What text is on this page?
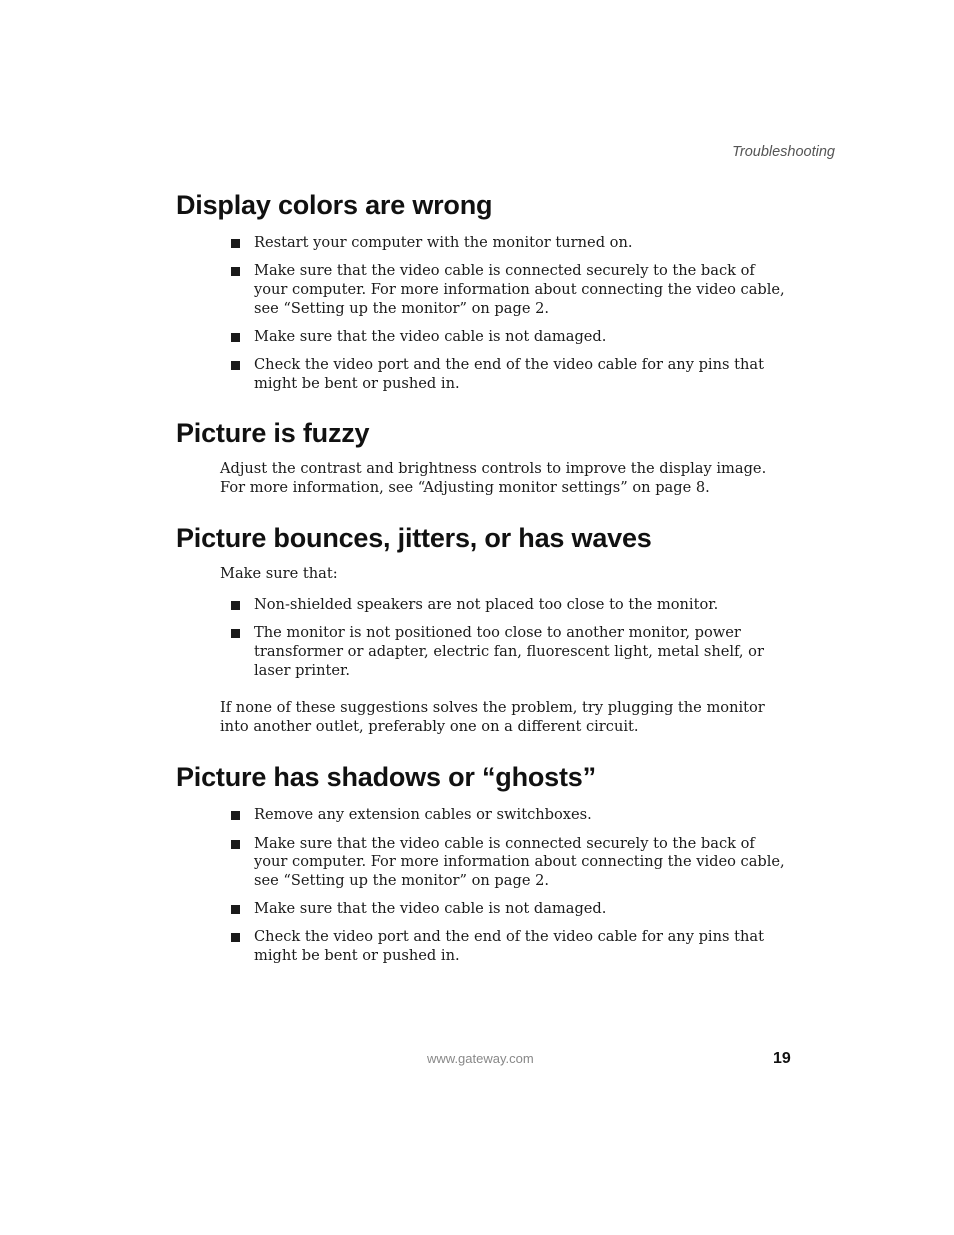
Troubleshooting
Display colors are wrong
Restart your computer with the monitor turned on.
Make sure that the video cable is connected securely to the back of your computer. For more information about connecting the video cable, see “Setting up the monitor” on page 2.
Make sure that the video cable is not damaged.
Check the video port and the end of the video cable for any pins that might be bent or pushed in.
Picture is fuzzy

Adjust the contrast and brightness controls to improve the display image. For more information, see “Adjusting monitor settings” on page 8.

Picture bounces, jitters, or has waves

Make sure that:

Non-shielded speakers are not placed too close to the monitor.
The monitor is not positioned too close to another monitor, power transformer or adapter, electric fan, fluorescent light, metal shelf, or laser printer.

If none of these suggestions solves the problem, try plugging the monitor into another outlet, preferably one on a different circuit.

Picture has shadows or “ghosts”
Remove any extension cables or switchboxes.
Make sure that the video cable is connected securely to the back of your computer. For more information about connecting the video cable, see “Setting up the monitor” on page 2.
Make sure that the video cable is not damaged.
Check the video port and the end of the video cable for any pins that might be bent or pushed in.
www.gateway.com	19
